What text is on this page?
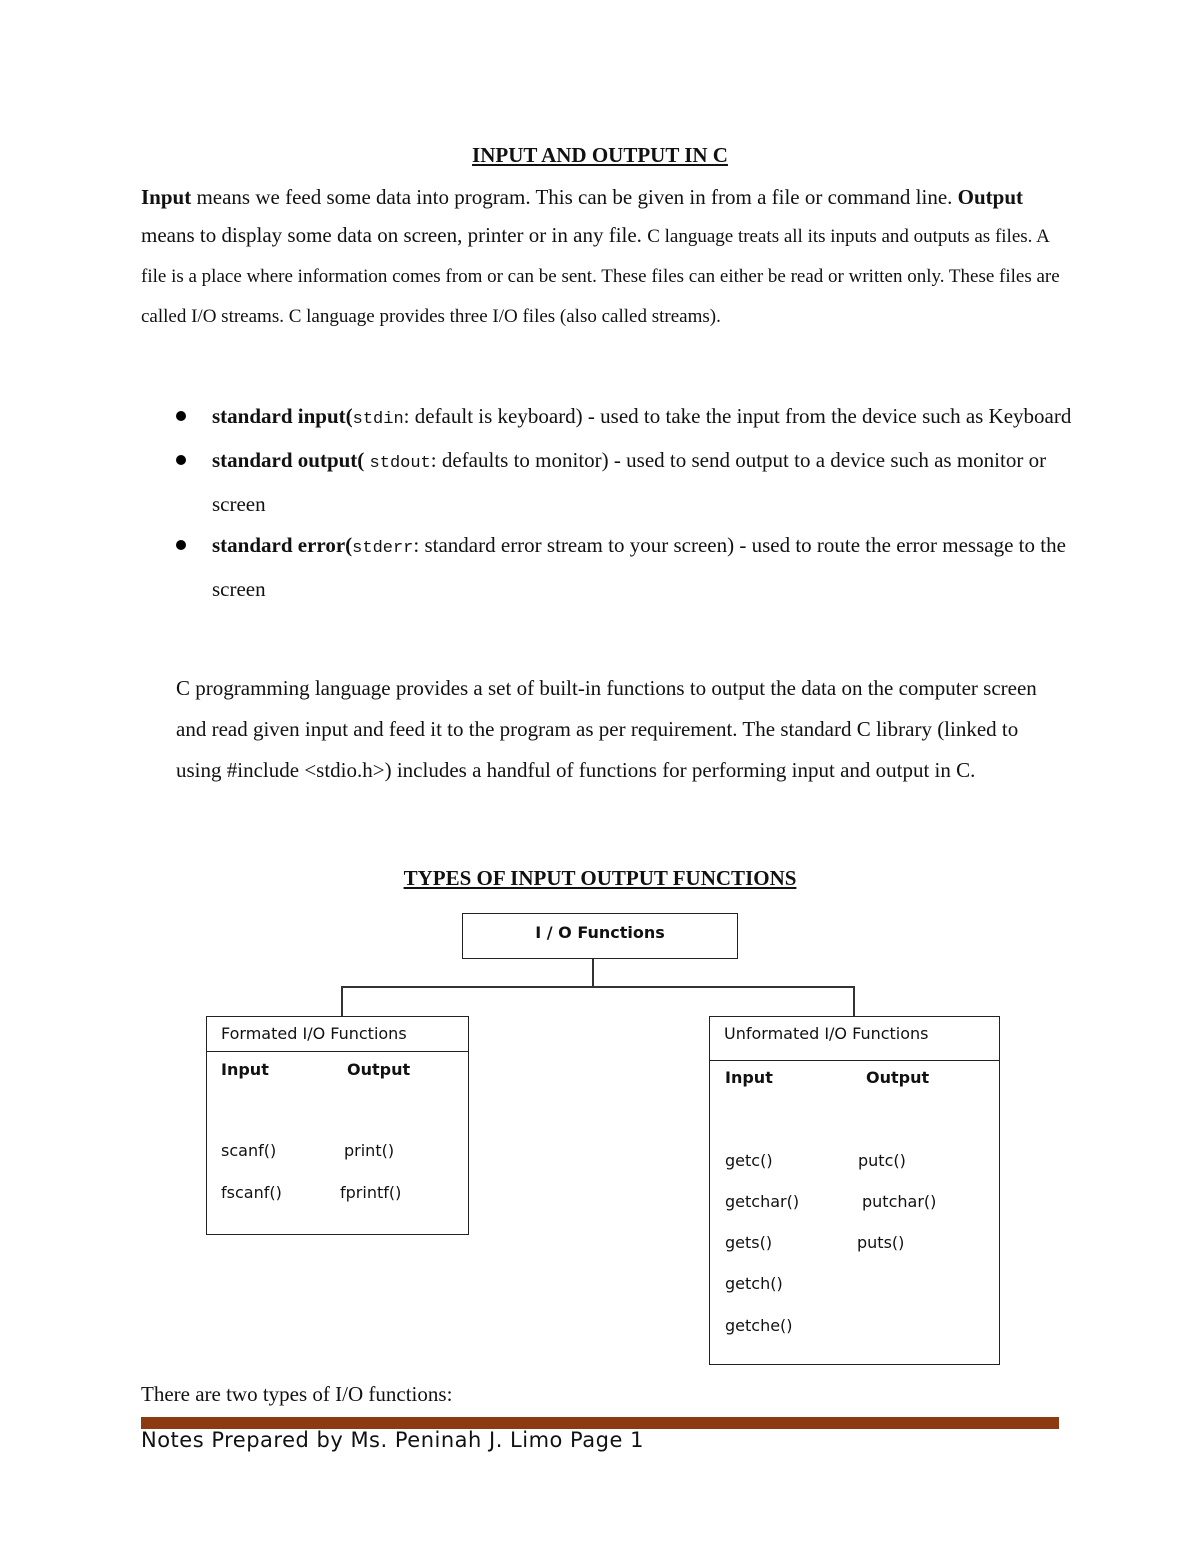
INPUT AND OUTPUT IN C
Input means we feed some data into program. This can be given in from a file or command line. Output means to display some data on screen, printer or in any file. C language treats all its inputs and outputs as files. A file is a place where information comes from or can be sent. These files can either be read or written only. These files are called I/O streams. C language provides three I/O files (also called streams).
standard input(stdin: default is keyboard) - used to take the input from the device such as Keyboard
standard output( stdout: defaults to monitor) - used to send output to a device such as monitor or screen
standard error(stderr: standard error stream to your screen) - used to route the error message to the screen
C programming language provides a set of built-in functions to output the data on the computer screen and read given input and feed it to the program as per requirement. The standard C library (linked to using #include <stdio.h>) includes a handful of functions for performing input and output in C.
TYPES OF INPUT OUTPUT FUNCTIONS
I / O Functions
Formated I/O Functions
Input	Output
scanf()
fscanf()
print()
fprintf()
Unformated I/O Functions
Input	Output
getc()
getchar()
gets()
getch()
getche()
putc()
putchar()
puts()
There are two types of I/O functions:
Notes Prepared by Ms. Peninah J. Limo Page 1
